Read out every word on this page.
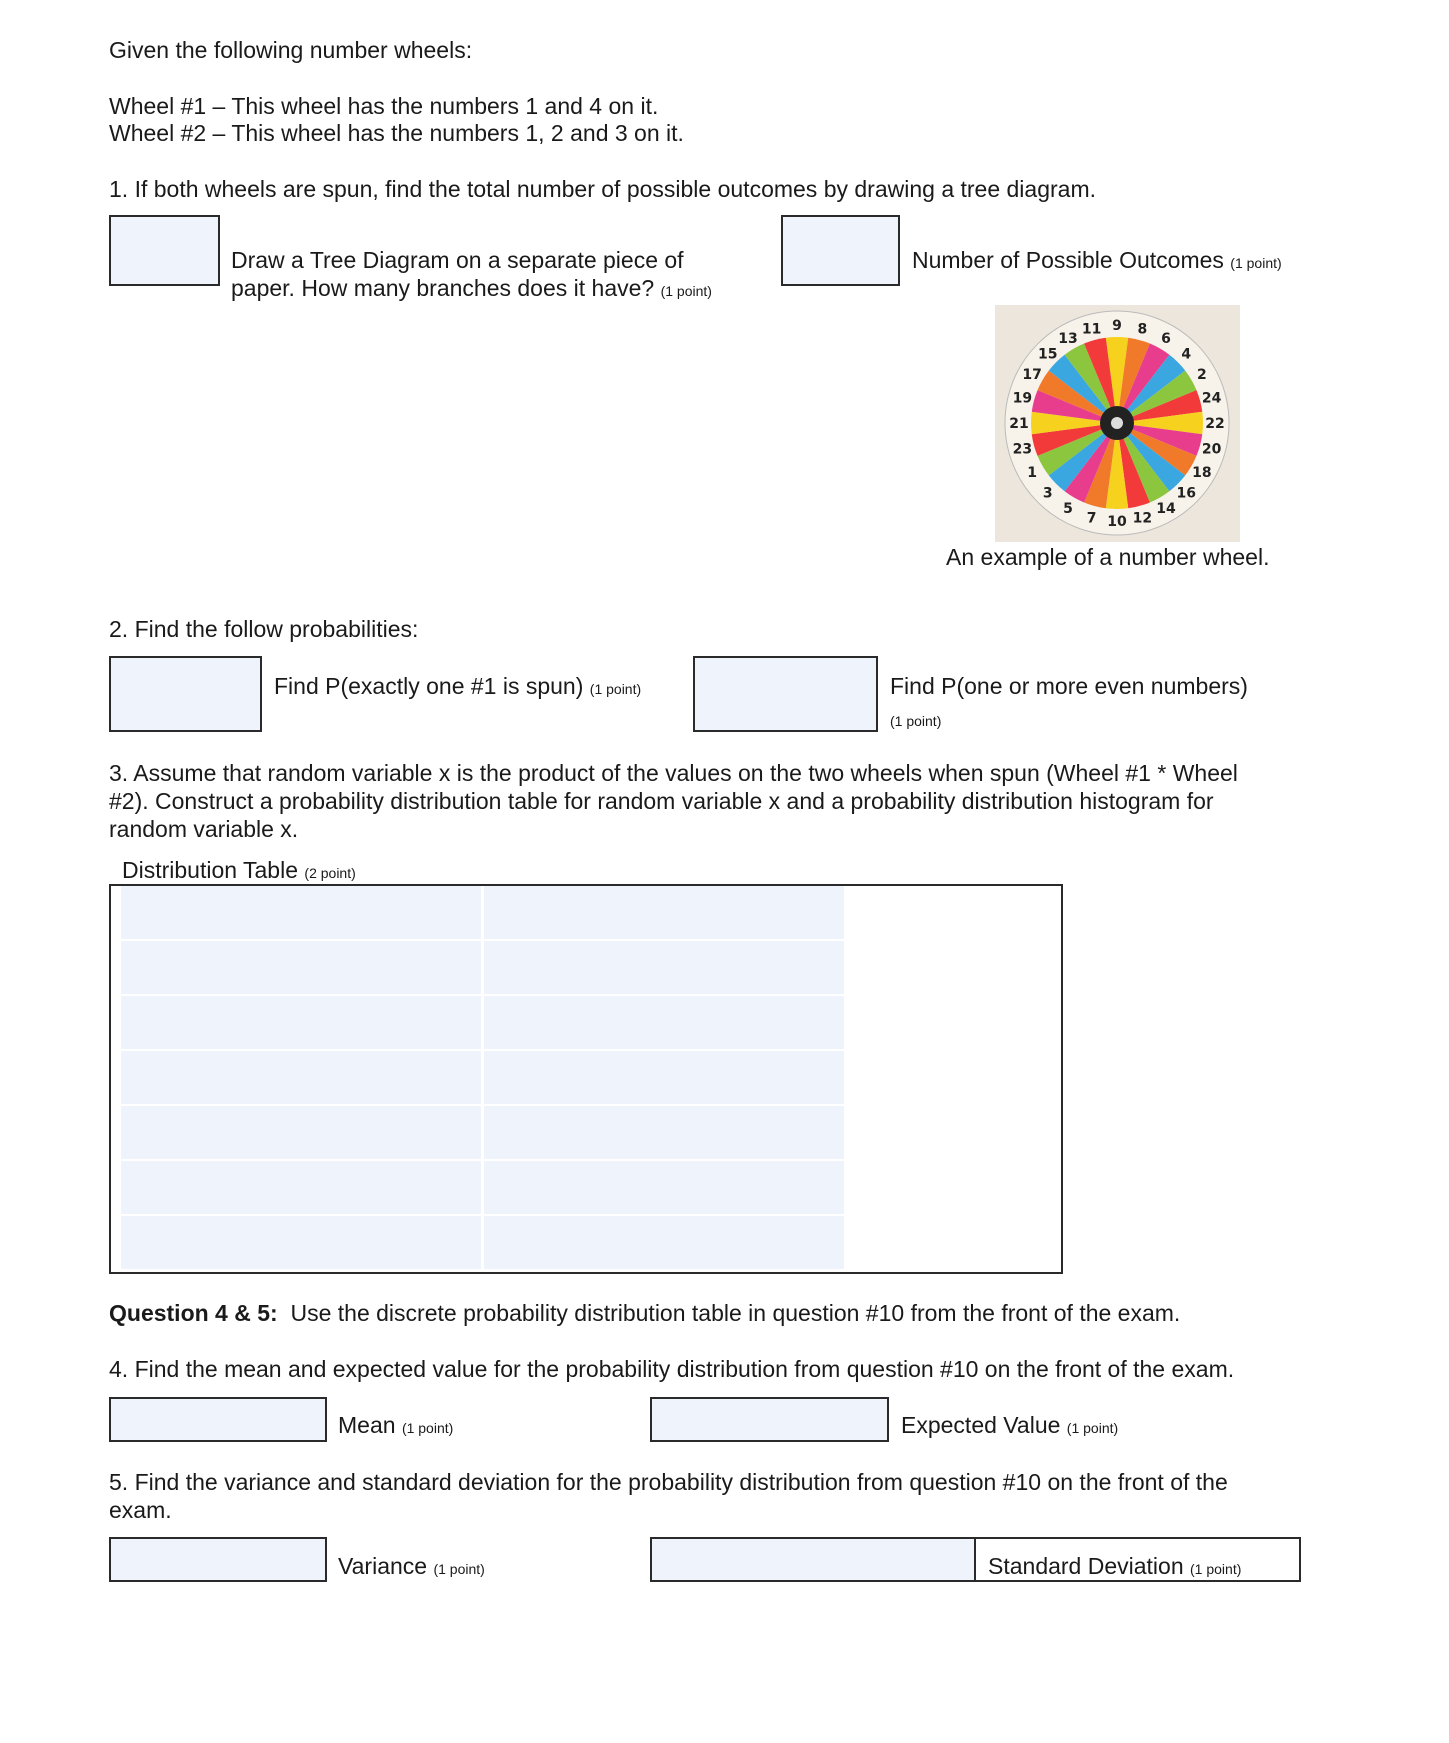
Given the following number wheels:
Wheel #1 – This wheel has the numbers 1 and 4 on it.
Wheel #2 – This wheel has the numbers 1, 2 and 3 on it.
1. If both wheels are spun, find the total number of possible outcomes by drawing a tree diagram.
Draw a Tree Diagram on a separate piece of
paper. How many branches does it have? (1 point)
Number of Possible Outcomes (1 point)
9 8
6
4
2
24
22
20
18
16
14
12
10
7
5
3
1
23
21
19
17
15
13
11
An example of a number wheel.
2. Find the follow probabilities:
Find P(exactly one #1 is spun) (1 point)	Find P(one or more even numbers)
(1 point)
3. Assume that random variable x is the product of the values on the two wheels when spun (Wheel #1 * Wheel
#2). Construct a probability distribution table for random variable x and a probability distribution histogram for
random variable x.
Distribution Table (2 point)
Question 4 & 5: Use the discrete probability distribution table in question #10 from the front of the exam.
4. Find the mean and expected value for the probability distribution from question #10 on the front of the exam.
Mean (1 point)	Expected Value (1 point)
5. Find the variance and standard deviation for the probability distribution from question #10 on the front of the
exam.
Variance (1 point)	Standard Deviation (1 point)
